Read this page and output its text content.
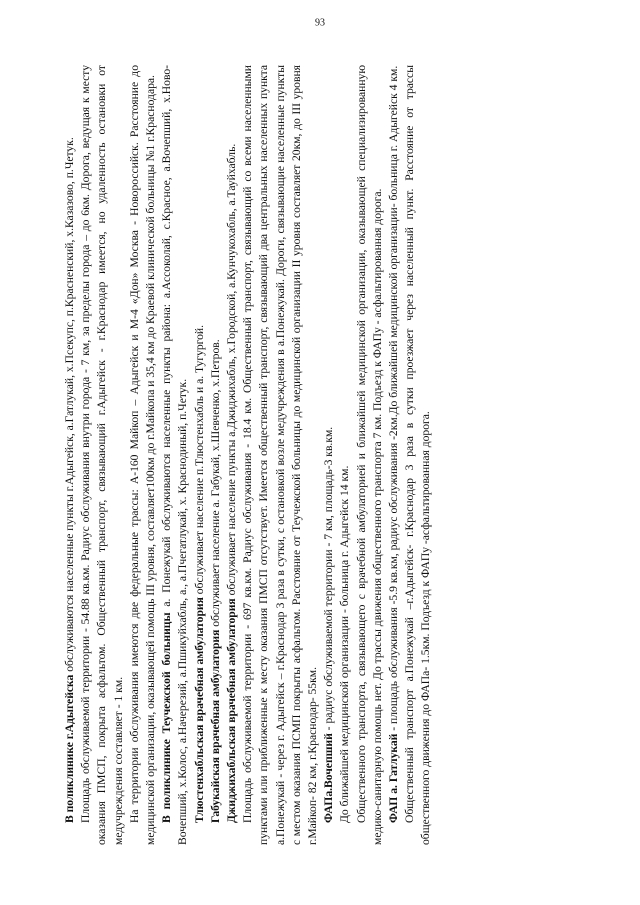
93

В поликлинике г.Адыгейска обслуживаются населенные пункты г.Адыгейск, а.Гатлукай, х.Псекупс, п.Красненский, х.Казазово, п.Четук. Площадь обслуживаемой территории - 54.88 кв.км. Радиус обслуживания внутри города - 7 км, за пределы города – до 6км. Дорога, ведущая к месту оказания ПМСП, покрыта асфальтом. Общественный транспорт, связывающий г.Адыгейск - г.Краснодар имеется, но удаленность остановки от медучреждения составляет - 1 км. На территории обслуживания имеются две федеральные трассы: А-160 Майкоп – Адыгейск и М-4 «Дон» Москва - Новороссийск. Расстояние до медицинской организации, оказывающей помощь III уровня, составляет100км до г.Майкопа и 35,4 км до Краевой клинической больницы №1 г.Краснодара. В поликлинике Теучежской больницы а. Понежукай обслуживаются населенные пункты района: а.Ассоколай, с.Красное, а.Вочепший, х.Ново-Вочепший, х.Колос, а.Начерезий, а.Пшикуйхабль, а., а.Пчегатлукай, х. Краснодиный, п.Четук. Тлюстенхабльская врачебная амбулатория обслуживает население п.Тлюстенхабль и а. Тугургой.

Габукайская врачебная амбулатория обслуживает население а. Габукай, х.Шевченко, х.Петров.

Джиджихабльская врачебная амбулатория обслуживает население пункты а.Джиджихабль, х.Городской, а.Кунчукохабль, а.Тауйхабль. Площадь обслуживаемой территории - 697 кв.км. Радиус обслуживания - 18.4 км. Общественный транспорт, связывающий со всеми населенными пунктами или приближенные к месту оказания ПМСП отсутствует. Имеется общественный транспорт, связывающий два центральных населенных пункта а.Понежукай - через г. Адыгейск – г.Краснодар 3 раза в сутки, с остановкой возле медучреждения в а.Понежукай. Дороги, связывающие населенные пункты с местом оказания ПСМП покрыты асфальтом. Расстояние от Теучежской больницы до медицинской организации II уровня составляет 20км, до III уровня г.Майкоп- 82 км, г.Краснодар- 55км. ФАПа.Вочепший - радиус обслуживаемой территории - 7 км, площадь-3 кв.км. До ближайшей медицинской организации - больница г. Адыгейск 14 км. Общественного транспорта, связывающего с врачебной амбулаторией и ближайшей медицинской организации, оказывающей специализированную медико-санитарную помощь нет. До трассы движения общественного транспорта 7 км. Подъезд к ФАПу - асфальтированная дорога. ФАП а. Гатлукай - площадь обслуживания -5.9 кв.км, радиус обслуживания -2км.До ближайшей медицинской организации- больница г. Адыгейск 4 км. Общественный транспорт а.Понежукай –г.Адыгейск- г.Краснодар 3 раза в сутки проезжает через населенный пункт. Расстояние от трассы общественного движения до ФАПа- 1.5км. Подъезд к ФАПу -асфальтированная дорога.
